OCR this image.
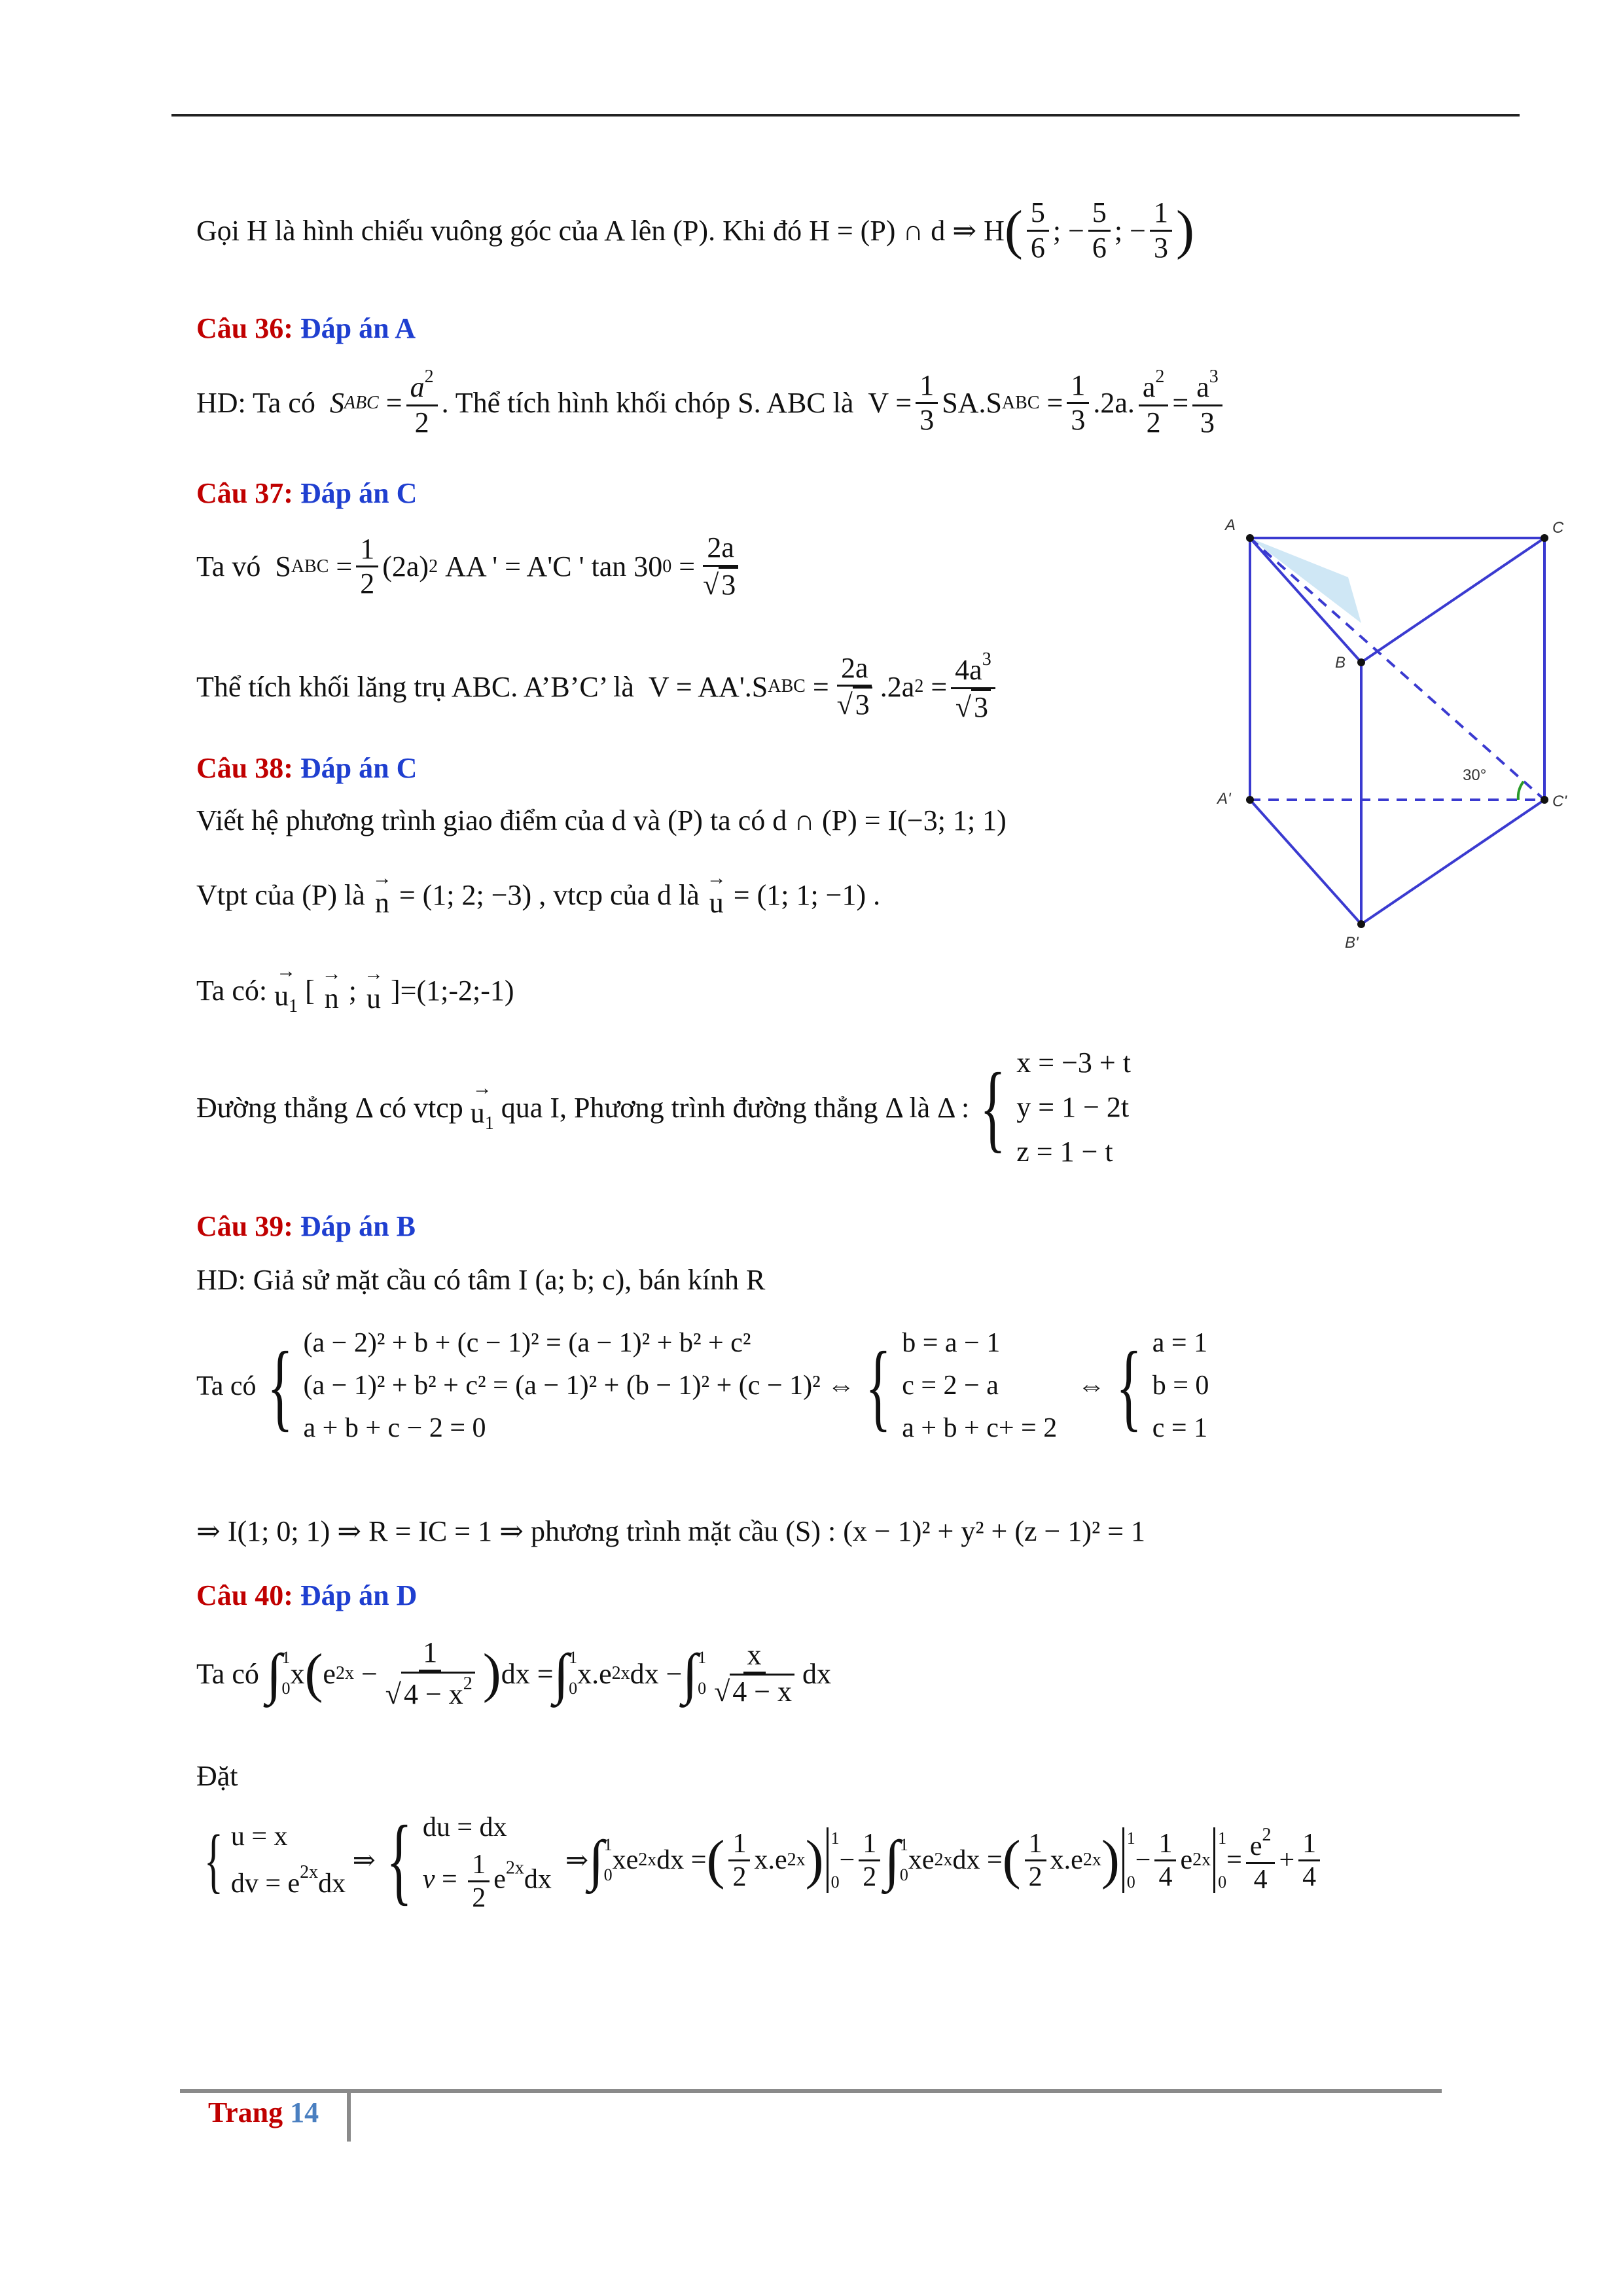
Gọi H là hình chiếu vuông góc của A lên (P). Khi đó H = (P) ∩ d ⇒ H ( $\frac{5}{6}$ ; − $\frac{5}{6}$ ; − $\frac{1}{3}$ )
Câu 36: Đáp án A
HD: Ta có
S ABC = $\frac{a^2}{2}$ . Thể tích hình khối chóp S. ABC là $V = \frac{1}{3} SA.S$ ABC = $\frac{1}{3} .2a$. $\frac{a^2}{2} = \frac{a^3}{3}$
Câu 37: Đáp án C
Ta vó S ABC = $\frac{1}{2} (2a)$ 2 AA ' = A'C ' tan 30 $0 = \frac{2a}{√ 3}$
Thể tích khối lăng trụ ABC. A’B’C’ là V = AA'.S ABC = $\frac{2a}{√ 3} .2a$ $2 = \frac{4a^3}{√ 3}$
A	C
B
A'	C'
B'
30°
Câu 38: Đáp án C
Viết hệ phương trình giao điểm của d và (P) ta có d ∩ (P) = I(−3; 1; 1)
Vtpt của (P) là

→
n
= (1; 2; −3) , vtcp của d là

→
u
= (1; 1; −1) .
Ta có:

→
$u_1$ [
→
n ;
→
u ] =(1;-2;-1)
Đường thẳng Δ có vtcp

→
$u_1$
qua I, Phương trình đường thẳng Δ là Δ : { x = −3 + t
y = 1 − 2t
z = 1 − t
Câu 39: Đáp án B
HD: Giả sử mặt cầu có tâm I (a; b; c), bán kính R
Ta có { (a − 2)² + b + (c − 1)² = (a − 1)² + b² + c²
(a − 1)² + b² + c² = (a − 1)² + (b − 1)² + (c − 1)²
a + b + c − 2 = 0
⇔ { b = a − 1
c = 2 − a
a + b + c+ = 2
⇔ { a = 1
b = 0
c = 1
⇒ I(1; 0; 1) ⇒ R = IC = 1 ⇒ phương trình mặt cầu (S) : (x − 1)² + y² + (z − 1)² = 1
Câu 40: Đáp án D
Ta có
∫ 1
0 x ( e $2x - \frac{1}{√ 4 - x^2}$ ) dx = ∫ 1
0 x.e 2x dx − ∫ 1
$0 \frac{x}{√ 4 - x}$ dx
Đặt
{ u = x
dv = $e^{2x}dx$
⇒ { du = dx
$v = \frac{1}{2} e^{2x}dx$
⇒ ∫ 1
0 xe 2x dx = ( $\frac{1}{2} x.e$ 2x ) 1
0
− $\frac{1}{2}$ ∫ 1
0 xe 2x dx = ( $\frac{1}{2} x.e$ 2x ) 1
0
− $\frac{1}{4}$ e 2x
1
0
= $\frac{e^2}{4} + \frac{1}{4}$
Trang 14
